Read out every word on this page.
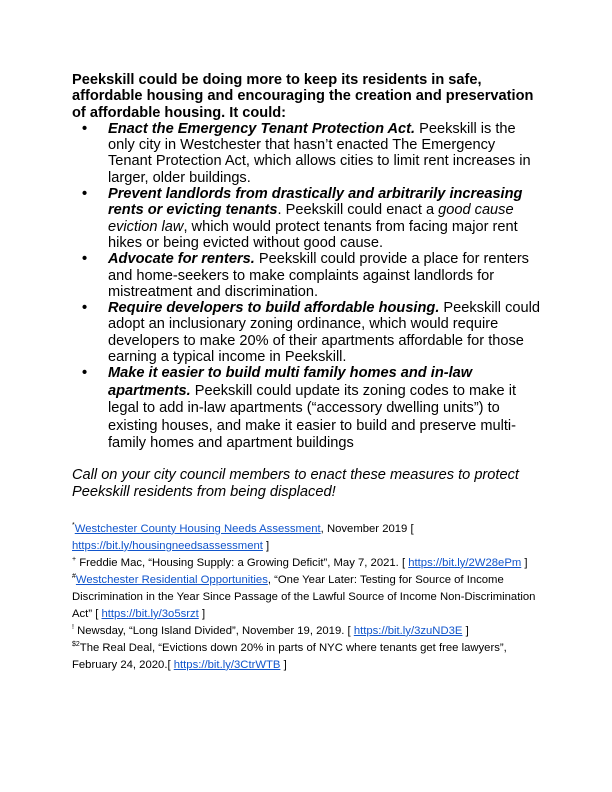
Peekskill could be doing more to keep its residents in safe, affordable housing and encouraging the creation and preservation of affordable housing. It could:

• Enact the Emergency Tenant Protection Act. Peekskill is the only city in Westchester that hasn’t enacted The Emergency Tenant Protection Act, which allows cities to limit rent increases in larger, older buildings.
• Prevent landlords from drastically and arbitrarily increasing rents or evicting tenants. Peekskill could enact a good cause eviction law, which would protect tenants from facing major rent hikes or being evicted without good cause.
• Advocate for renters. Peekskill could provide a place for renters and home-seekers to make complaints against landlords for mistreatment and discrimination.
• Require developers to build affordable housing. Peekskill could adopt an inclusionary zoning ordinance, which would require developers to make 20% of their apartments affordable for those earning a typical income in Peekskill.
• Make it easier to build multi family homes and in-law apartments. Peekskill could update its zoning codes to make it legal to add in-law apartments (“accessory dwelling units”) to existing houses, and make it easier to build and preserve multi-family homes and apartment buildings

Call on your city council members to enact these measures to protect Peekskill residents from being displaced!

*Westchester County Housing Needs Assessment, November 2019 [ https://bit.ly/housingneedsassessment ]

+ Freddie Mac, “Housing Supply: a Growing Deficit”, May 7, 2021. [ https://bit.ly/2W28ePm ]

#Westchester Residential Opportunities, “One Year Later: Testing for Source of Income Discrimination in the Year Since Passage of the Lawful Source of Income Non-Discrimination Act” [ https://bit.ly/3o5srzt ]

! Newsday, “Long Island Divided”, November 19, 2019. [ https://bit.ly/3zuND3E ]

$^{\$2}$The Real Deal, “Evictions down 20% in parts of NYC where tenants get free lawyers”, February 24, 2020.[ https://bit.ly/3CtrWTB ]
